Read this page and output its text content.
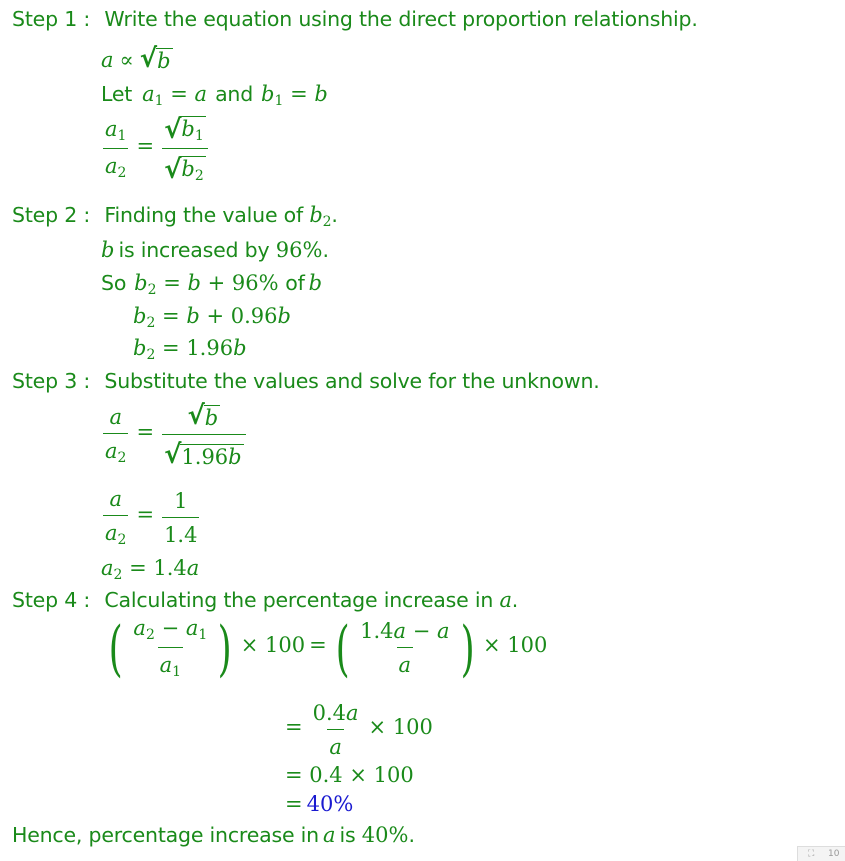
Step 1 : Write the equation using the direct proportion relationship.
a ∝ √ b
Let $a_1 = a$ and $b_1 = b$
$\frac{a_1}{a_2} = \frac{√ b_1}{√ b_2}$
Step 2 : Finding the value of $b_2$.
b is increased by 96%.
So $b_2 = b + 96\%$ of b
$b_2 = b + 0.96b$
$b_2 = 1.96b$
Step 3 : Substitute the values and solve for the unknown.
$\frac{a}{a_2} = \frac{√ b}{√ 1.96b}$
$\frac{a}{a_2} = \frac{1}{1.4}$
$a_2 = 1.4a$
Step 4 : Calculating the percentage increase in a.
( $\frac{a_2 - a_1}{a_1}$ ) × 100 = ( $\frac{1.4a - a}{a}$ ) × 100
= $\frac{0.4a}{a} \times 100$
= 0.4 × 100
= 40%
Hence, percentage increase in a is 40%.
⛶ 10
